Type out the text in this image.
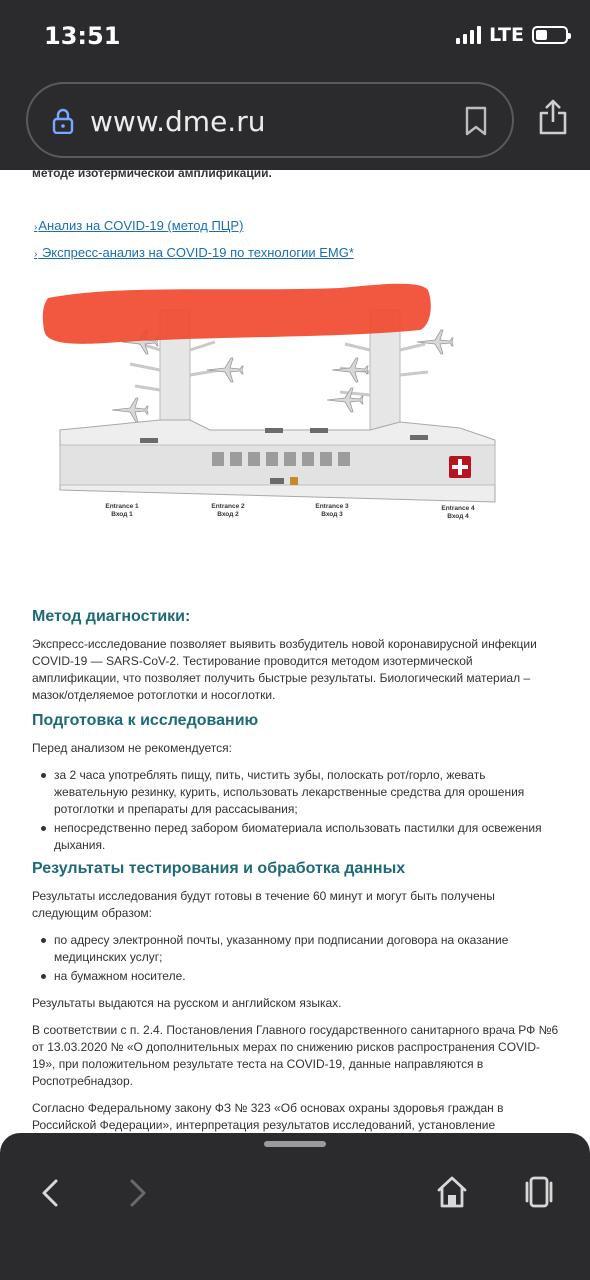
13:51	LTE
www.dme.ru
методе изотермической амплификации.
›Анализ на COVID-19 (метод ПЦР)
› Экспресс-анализ на COVID-19 по технологии EMG*
Entrance 1
Вход 1
Entrance 2
Вход 2
Entrance 3
Вход 3
Entrance 4
Вход 4
Метод диагностики:
Экспресс-исследование позволяет выявить возбудитель новой коронавирусной инфекции COVID-19 — SARS-CoV-2. Тестирование проводится методом изотермической амплификации, что позволяет получить быстрые результаты. Биологический материал – мазок/отделяемое ротоглотки и носоглотки.
Подготовка к исследованию
Перед анализом не рекомендуется:
за 2 часа употреблять пищу, пить, чистить зубы, полоскать рот/горло, жевать жевательную резинку, курить, использовать лекарственные средства для орошения ротоглотки и препараты для рассасывания;
непосредственно перед забором биоматериала использовать пастилки для освежения дыхания.
Результаты тестирования и обработка данных
Результаты исследования будут готовы в течение 60 минут и могут быть получены следующим образом:
по адресу электронной почты, указанному при подписании договора на оказание медицинских услуг;
на бумажном носителе.
Результаты выдаются на русском и английском языках.
В соответствии с п. 2.4. Постановления Главного государственного санитарного врача РФ №6 от 13.03.2020 № «О дополнительных мерах по снижению рисков распространения COVID-19», при положительном результате теста на COVID-19, данные направляются в Роспотребнадзор.
Согласно Федеральному закону ФЗ № 323 «Об основах охраны здоровья граждан в Российской Федерации», интерпретация результатов исследований, установление
